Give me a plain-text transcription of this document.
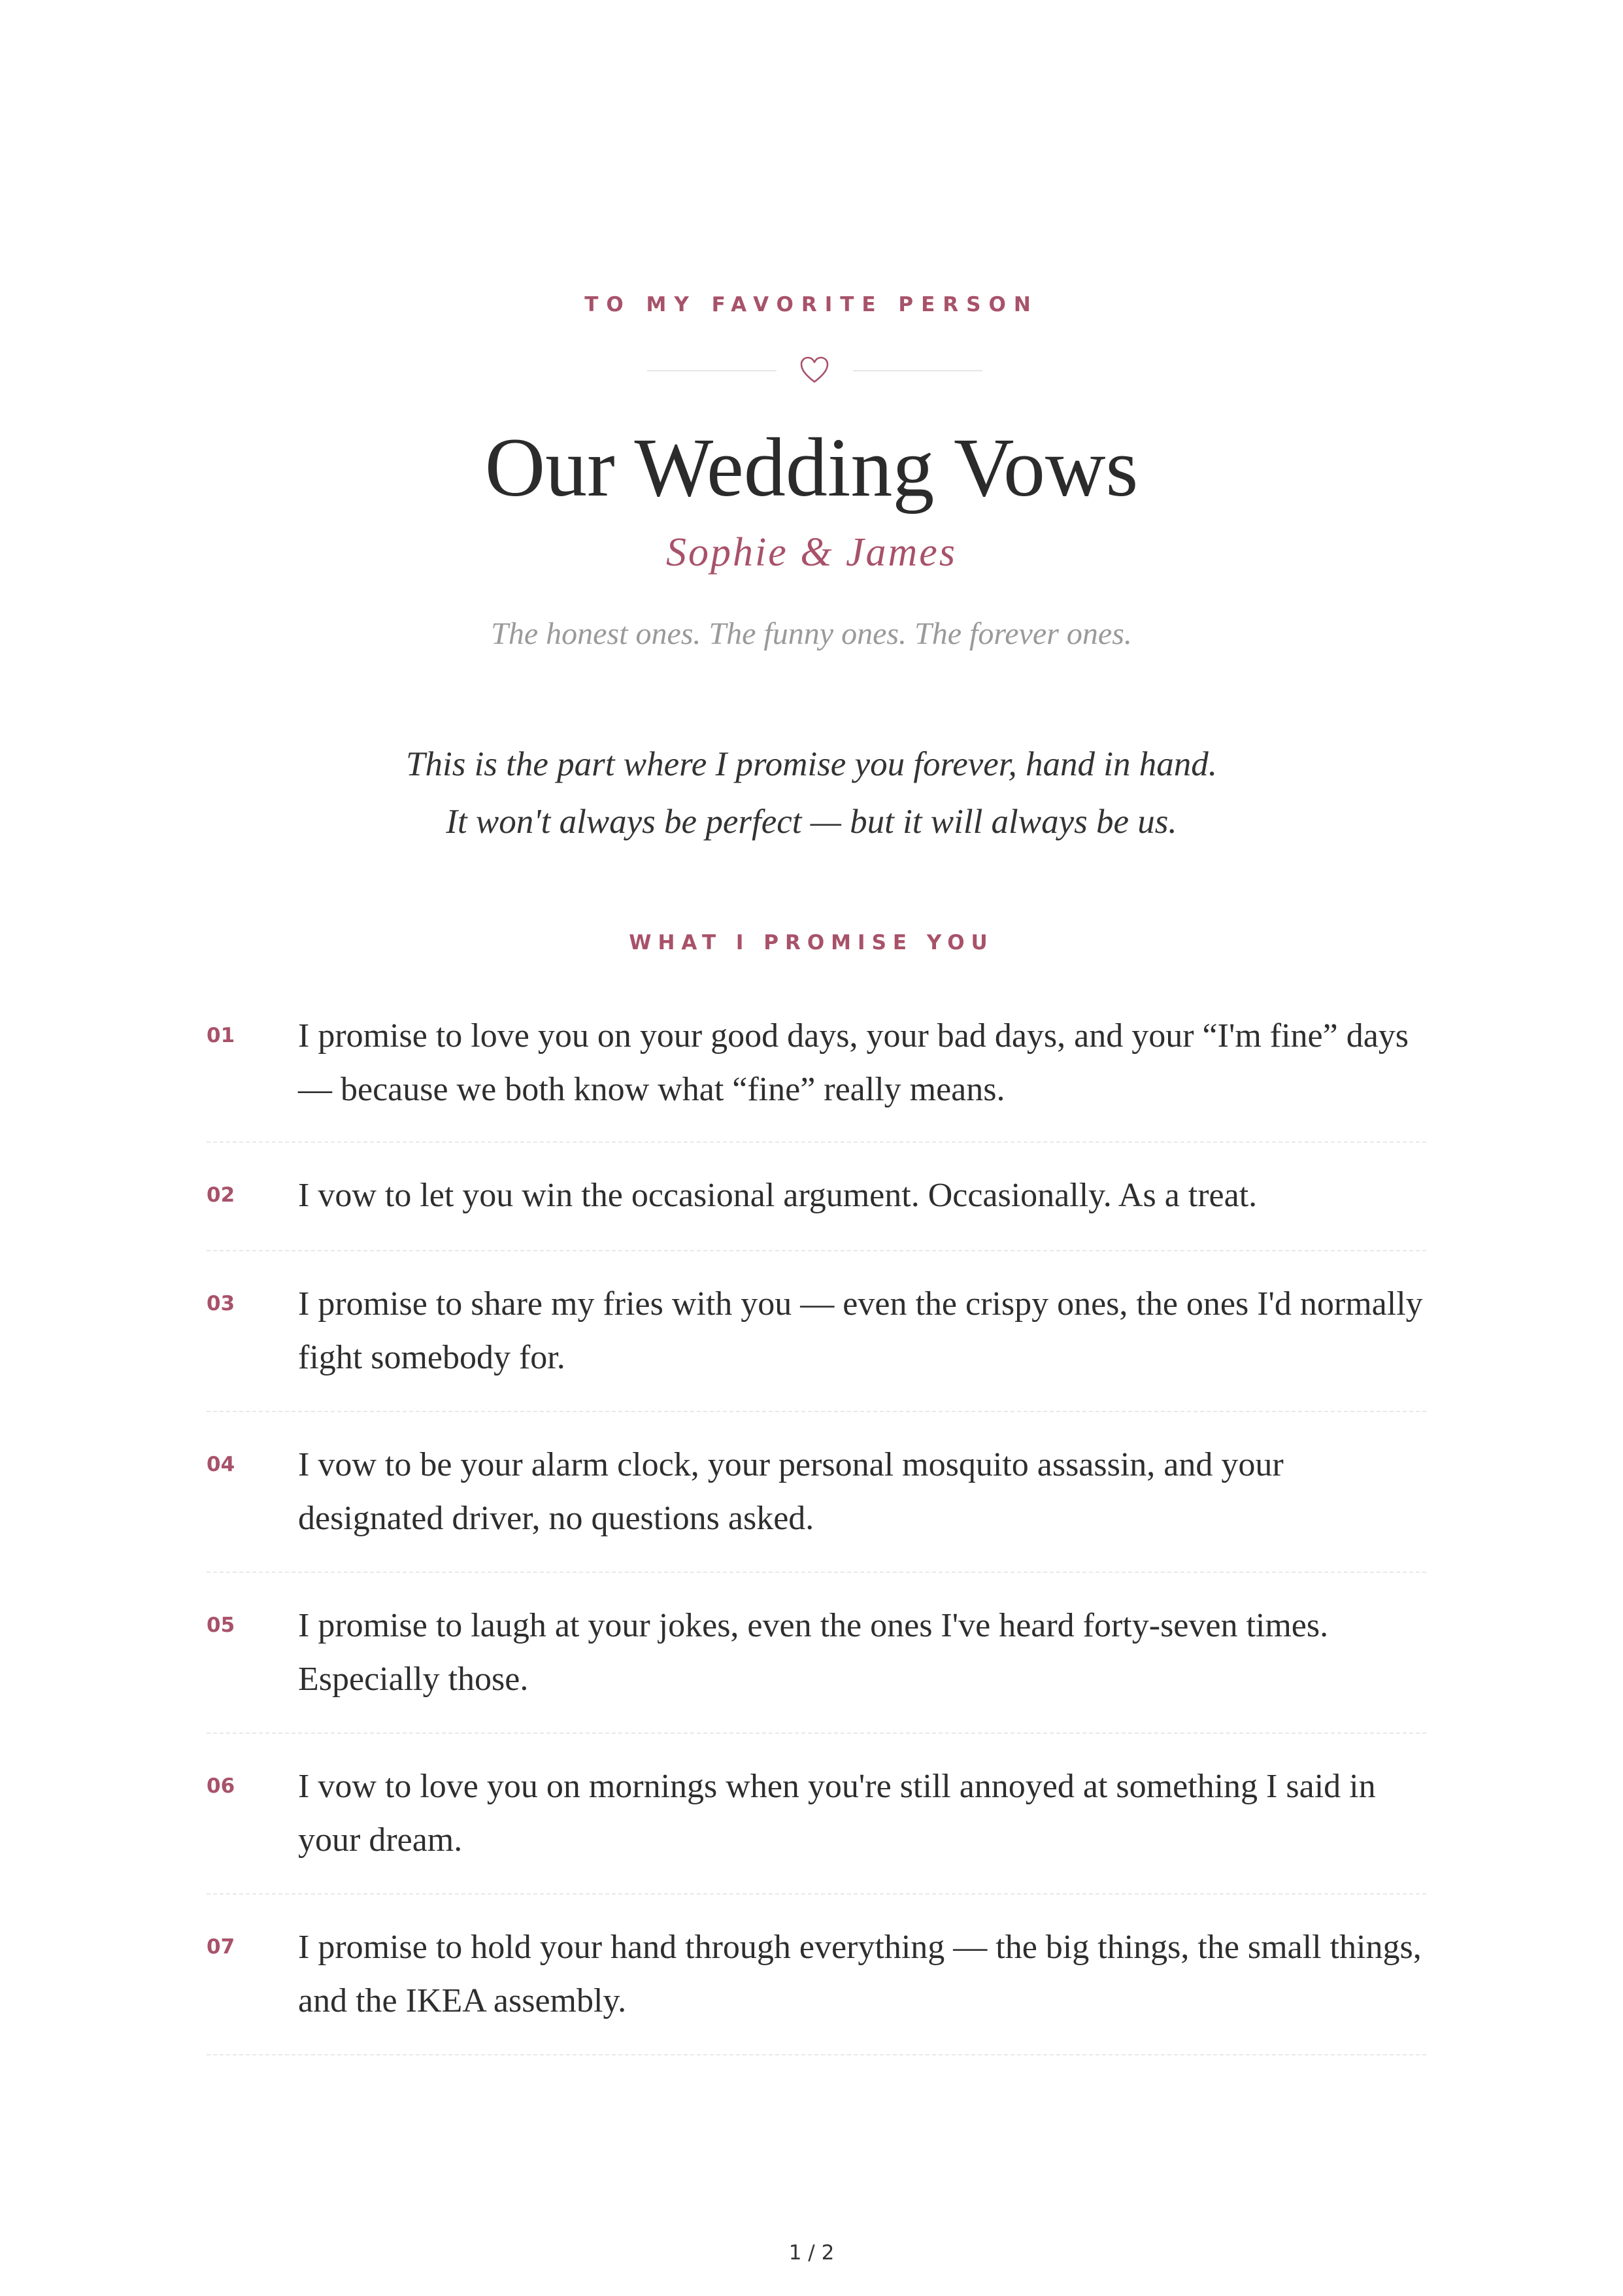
TO MY FAVORITE PERSON
Our Wedding Vows
Sophie & James
The honest ones. The funny ones. The forever ones.
This is the part where I promise you forever, hand in hand.
It won't always be perfect — but it will always be us.
WHAT I PROMISE YOU
01	I promise to love you on your good days, your bad days, and your “I'm fine” days — because we both know what “fine” really means.
02	I vow to let you win the occasional argument. Occasionally. As a treat.
03	I promise to share my fries with you — even the crispy ones, the ones I'd normally fight somebody for.
04	I vow to be your alarm clock, your personal mosquito assassin, and your designated driver, no questions asked.
05	I promise to laugh at your jokes, even the ones I've heard forty-seven times. Especially those.
06	I vow to love you on mornings when you're still annoyed at something I said in your dream.
07	I promise to hold your hand through everything — the big things, the small things, and the IKEA assembly.
1 / 2
